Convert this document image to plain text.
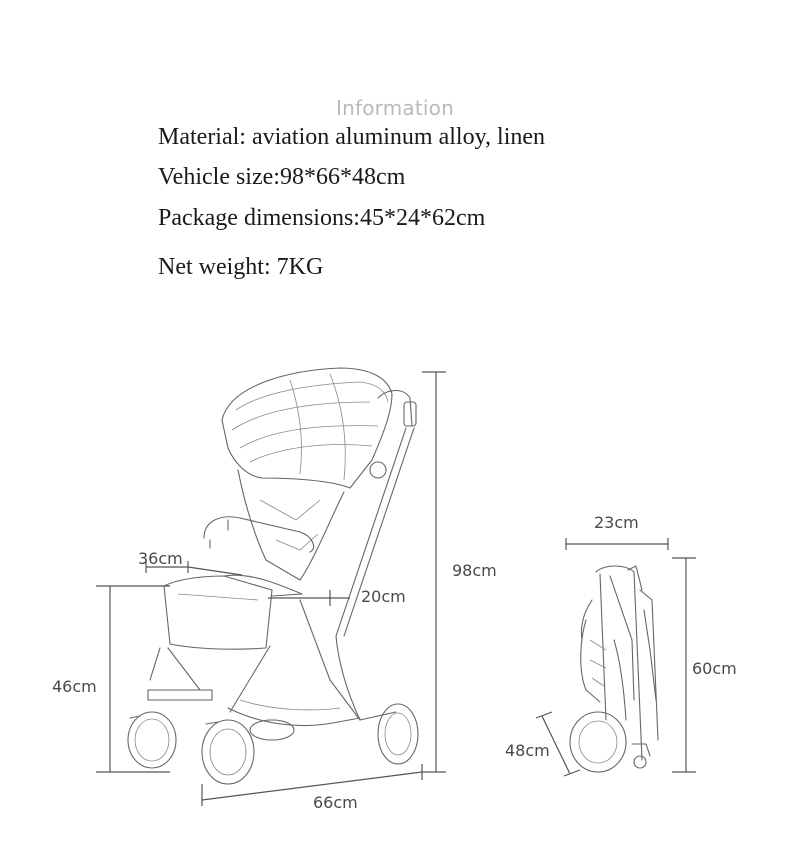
Information
Material: aviation aluminum alloy, linen
Vehicle size:98*66*48cm
Package dimensions:45*24*62cm
Net weight: 7KG
36cm
46cm
20cm
98cm
66cm
23cm
60cm
48cm
